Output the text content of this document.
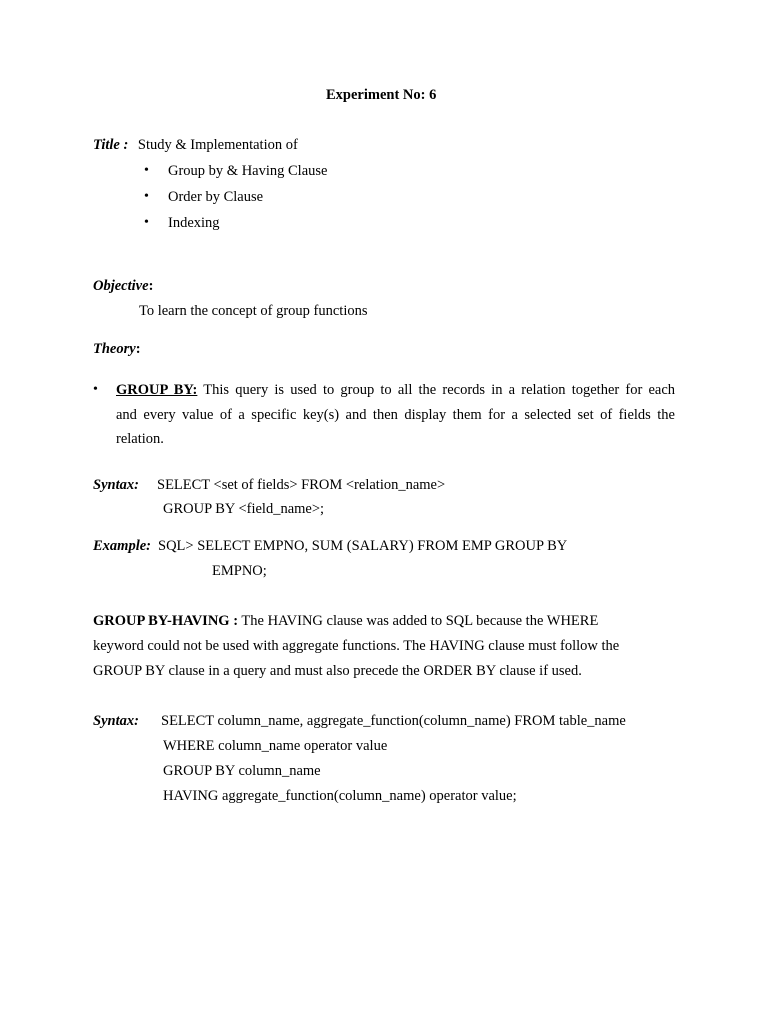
Experiment No: 6
Title : Study & Implementation of
• Group by & Having Clause
• Order by Clause
• Indexing
Objective:
To learn the concept of group functions
Theory:
• GROUP BY: This query is used to group to all the records in a relation together for each
and every value of a specific key(s) and then display them for a selected set of fields the
relation.
Syntax: SELECT <set of fields> FROM <relation_name>
GROUP BY <field_name>;
Example: SQL> SELECT EMPNO, SUM (SALARY) FROM EMP GROUP BY
EMPNO;
GROUP BY-HAVING : The HAVING clause was added to SQL because the WHERE
keyword could not be used with aggregate functions. The HAVING clause must follow the
GROUP BY clause in a query and must also precede the ORDER BY clause if used.
Syntax: SELECT column_name, aggregate_function(column_name) FROM table_name
WHERE column_name operator value
GROUP BY column_name
HAVING aggregate_function(column_name) operator value;
